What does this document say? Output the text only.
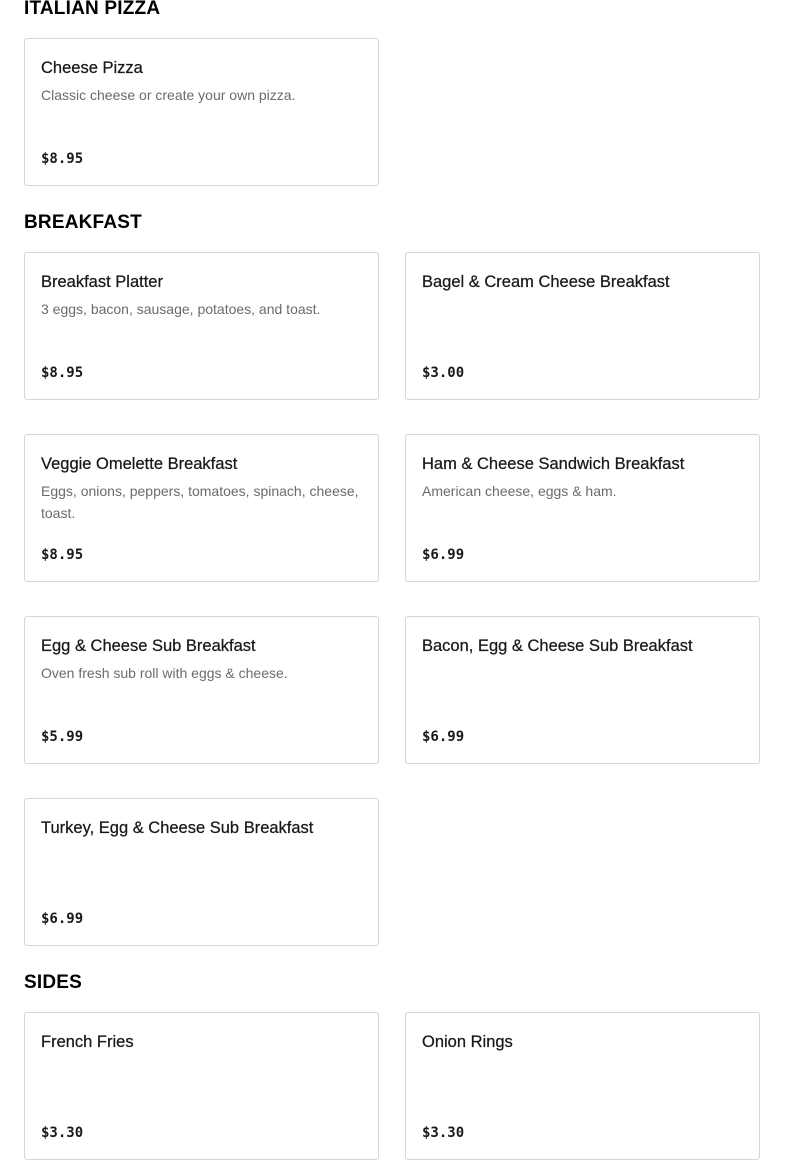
ITALIAN PIZZA
Cheese Pizza
Classic cheese or create your own pizza.
$8.95
BREAKFAST
Breakfast Platter
3 eggs, bacon, sausage, potatoes, and toast.
$8.95
Bagel & Cream Cheese Breakfast
$3.00
Veggie Omelette Breakfast
Eggs, onions, peppers, tomatoes, spinach, cheese, toast.
$8.95
Ham & Cheese Sandwich Breakfast
American cheese, eggs & ham.
$6.99
Egg & Cheese Sub Breakfast
Oven fresh sub roll with eggs & cheese.
$5.99
Bacon, Egg & Cheese Sub Breakfast
$6.99
Turkey, Egg & Cheese Sub Breakfast
$6.99
SIDES
French Fries
$3.30
Onion Rings
$3.30
